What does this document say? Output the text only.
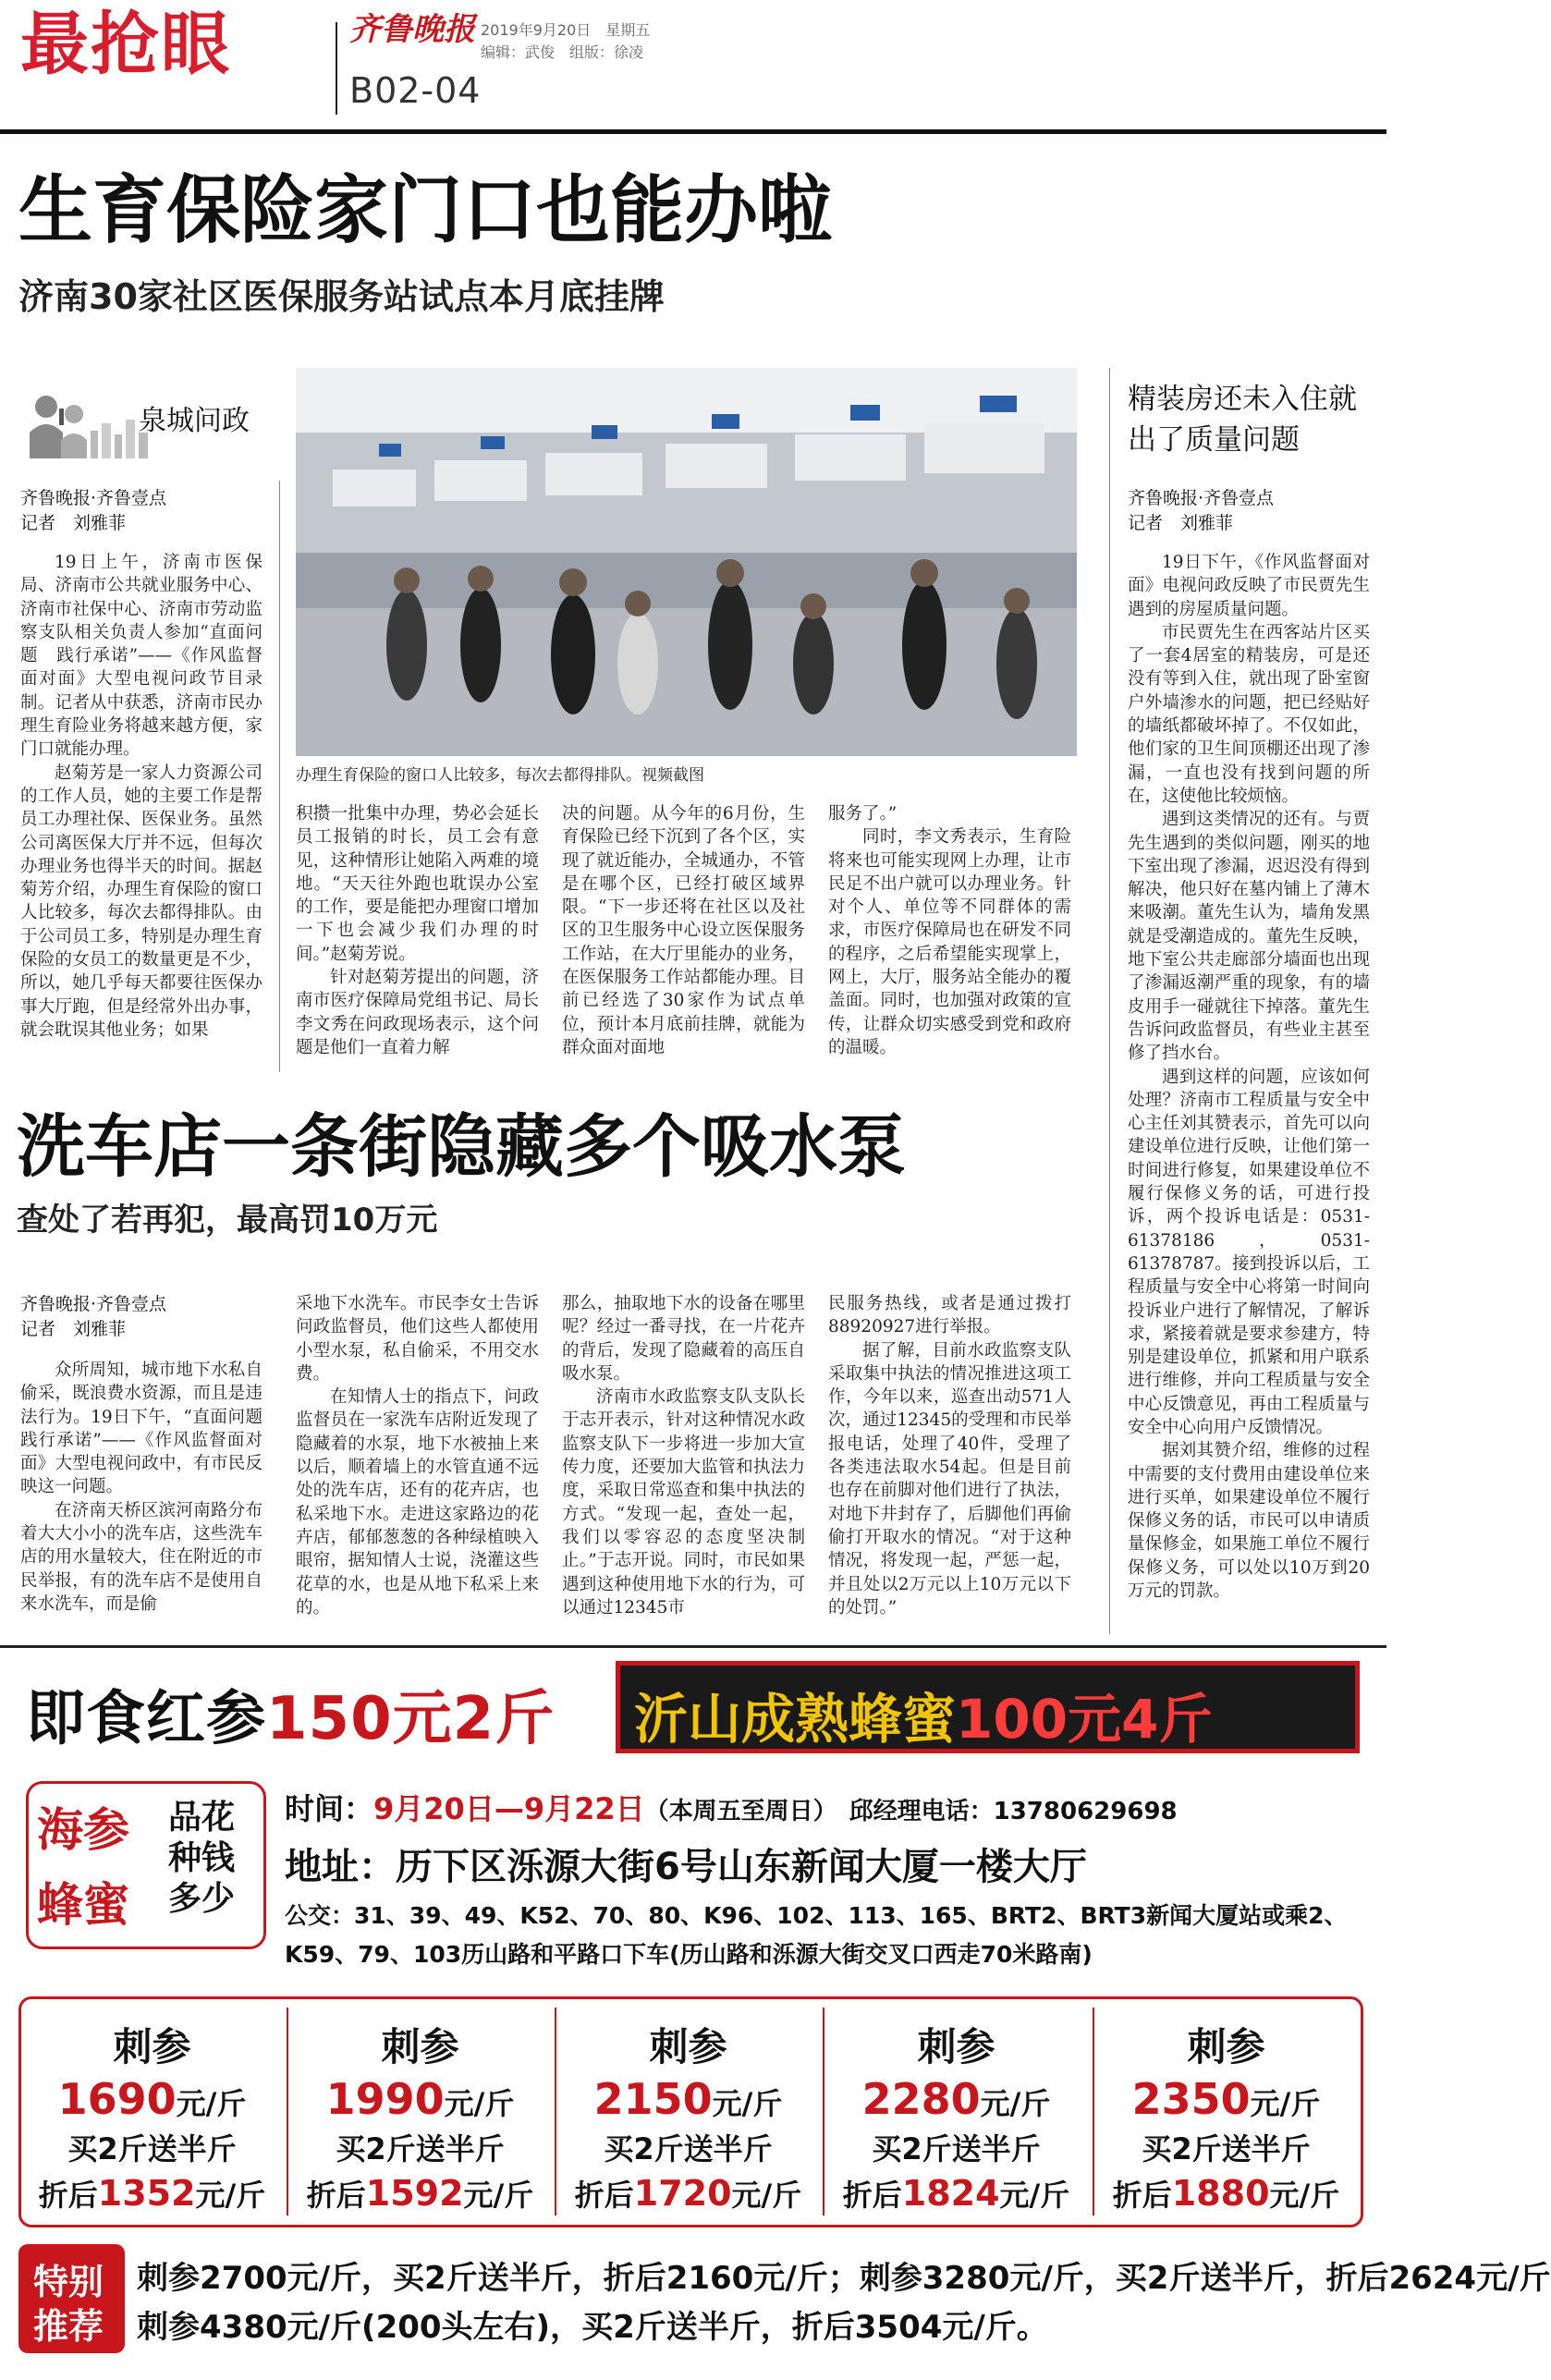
最抢眼	齐鲁晚报 2019年9月20日　星期五
编辑：武俊　组版：徐凌
B02-04
生育保险家门口也能办啦
济南30家社区医保服务站试点本月底挂牌
泉城问政
齐鲁晚报·齐鲁壹点
记者　刘雅菲

19日上午，济南市医保局、济南市公共就业服务中心、济南市社保中心、济南市劳动监察支队相关负责人参加“直面问题　践行承诺”——《作风监督面对面》大型电视问政节目录制。记者从中获悉，济南市民办理生育险业务将越来越方便，家门口就能办理。

赵菊芳是一家人力资源公司的工作人员，她的主要工作是帮员工办理社保、医保业务。虽然公司离医保大厅并不远，但每次办理业务也得半天的时间。据赵菊芳介绍，办理生育保险的窗口人比较多，每次去都得排队。由于公司员工多，特别是办理生育保险的女员工的数量更是不少，所以，她几乎每天都要往医保办事大厅跑，但是经常外出办事，就会耽误其他业务；如果

办理生育保险的窗口人比较多，每次去都得排队。视频截图

积攒一批集中办理，势必会延长员工报销的时长，员工会有意见，这种情形让她陷入两难的境地。“天天往外跑也耽误办公室的工作，要是能把办理窗口增加一下也会减少我们办理的时间。”赵菊芳说。

针对赵菊芳提出的问题，济南市医疗保障局党组书记、局长李文秀在问政现场表示，这个问题是他们一直着力解

决的问题。从今年的6月份，生育保险已经下沉到了各个区，实现了就近能办，全城通办，不管是在哪个区，已经打破区域界限。“下一步还将在社区以及社区的卫生服务中心设立医保服务工作站，在大厅里能办的业务，在医保服务工作站都能办理。目前已经选了30家作为试点单位，预计本月底前挂牌，就能为群众面对面地

服务了。”

同时，李文秀表示，生育险将来也可能实现网上办理，让市民足不出户就可以办理业务。针对个人、单位等不同群体的需求，市医疗保障局也在研发不同的程序，之后希望能实现掌上，网上，大厅，服务站全能办的覆盖面。同时，也加强对政策的宣传，让群众切实感受到党和政府的温暖。

洗车店一条街隐藏多个吸水泵
查处了若再犯，最高罚10万元
齐鲁晚报·齐鲁壹点
记者　刘雅菲

众所周知，城市地下水私自偷采，既浪费水资源，而且是违法行为。19日下午，“直面问题　践行承诺”——《作风监督面对面》大型电视问政中，有市民反映这一问题。

在济南天桥区滨河南路分布着大大小小的洗车店，这些洗车店的用水量较大，住在附近的市民举报，有的洗车店不是使用自来水洗车，而是偷

采地下水洗车。市民李女士告诉问政监督员，他们这些人都使用小型水泵，私自偷采，不用交水费。

在知情人士的指点下，问政监督员在一家洗车店附近发现了隐藏着的水泵，地下水被抽上来以后，顺着墙上的水管直通不远处的洗车店，还有的花卉店，也私采地下水。走进这家路边的花卉店，郁郁葱葱的各种绿植映入眼帘，据知情人士说，浇灌这些花草的水，也是从地下私采上来的。

那么，抽取地下水的设备在哪里呢？经过一番寻找，在一片花卉的背后，发现了隐藏着的高压自吸水泵。

济南市水政监察支队支队长于志开表示，针对这种情况水政监察支队下一步将进一步加大宣传力度，还要加大监管和执法力度，采取日常巡查和集中执法的方式。“发现一起，查处一起，我们以零容忍的态度坚决制止。”于志开说。同时，市民如果遇到这种使用地下水的行为，可以通过12345市

民服务热线，或者是通过拨打88920927进行举报。

据了解，目前水政监察支队采取集中执法的情况推进这项工作，今年以来，巡查出动571人次，通过12345的受理和市民举报电话，处理了40件，受理了各类违法取水54起。但是目前也存在前脚对他们进行了执法，对地下井封存了，后脚他们再偷偷打开取水的情况。“对于这种情况，将发现一起，严惩一起，并且处以2万元以上10万元以下的处罚。”

精装房还未入住就出了质量问题
齐鲁晚报·齐鲁壹点
记者　刘雅菲

19日下午，《作风监督面对面》电视问政反映了市民贾先生遇到的房屋质量问题。

市民贾先生在西客站片区买了一套4居室的精装房，可是还没有等到入住，就出现了卧室窗户外墙渗水的问题，把已经贴好的墙纸都破坏掉了。不仅如此，他们家的卫生间顶棚还出现了渗漏，一直也没有找到问题的所在，这使他比较烦恼。

遇到这类情况的还有。与贾先生遇到的类似问题，刚买的地下室出现了渗漏，迟迟没有得到解决，他只好在墓内铺上了薄木来吸潮。董先生认为，墙角发黑就是受潮造成的。董先生反映，地下室公共走廊部分墙面也出现了渗漏返潮严重的现象，有的墙皮用手一碰就往下掉落。董先生告诉问政监督员，有些业主甚至修了挡水台。

遇到这样的问题，应该如何处理？济南市工程质量与安全中心主任刘其赞表示，首先可以向建设单位进行反映，让他们第一时间进行修复，如果建设单位不履行保修义务的话，可进行投诉，两个投诉电话是：0531-61378186，0531-61378787。接到投诉以后，工程质量与安全中心将第一时间向投诉业户进行了解情况，了解诉求，紧接着就是要求参建方，特别是建设单位，抓紧和用户联系进行维修，并向工程质量与安全中心反馈意见，再由工程质量与安全中心向用户反馈情况。

据刘其赞介绍，维修的过程中需要的支付费用由建设单位来进行买单，如果建设单位不履行保修义务的话，市民可以申请质量保修金，如果施工单位不履行保修义务，可以处以10万到20万元的罚款。

即食红参150元2斤 沂山成熟蜂蜜100元4斤
海参
蜂蜜
品花种钱多少
时间：9月20日—9月22日（本周五至周日）　邱经理电话：13780629698
地址：历下区泺源大街6号山东新闻大厦一楼大厅
公交：31、39、49、K52、70、80、K96、102、113、165、BRT2、BRT3新闻大厦站或乘2、K59、79、103历山路和平路口下车(历山路和泺源大街交叉口西走70米路南)
刺参
1690元/斤
买2斤送半斤
折后1352元/斤
刺参
1990元/斤
买2斤送半斤
折后1592元/斤
刺参
2150元/斤
买2斤送半斤
折后1720元/斤
刺参
2280元/斤
买2斤送半斤
折后1824元/斤
刺参
2350元/斤
买2斤送半斤
折后1880元/斤
特别
推荐
刺参2700元/斤，买2斤送半斤，折后2160元/斤；刺参3280元/斤，买2斤送半斤，折后2624元/斤
刺参4380元/斤(200头左右)，买2斤送半斤，折后3504元/斤。
